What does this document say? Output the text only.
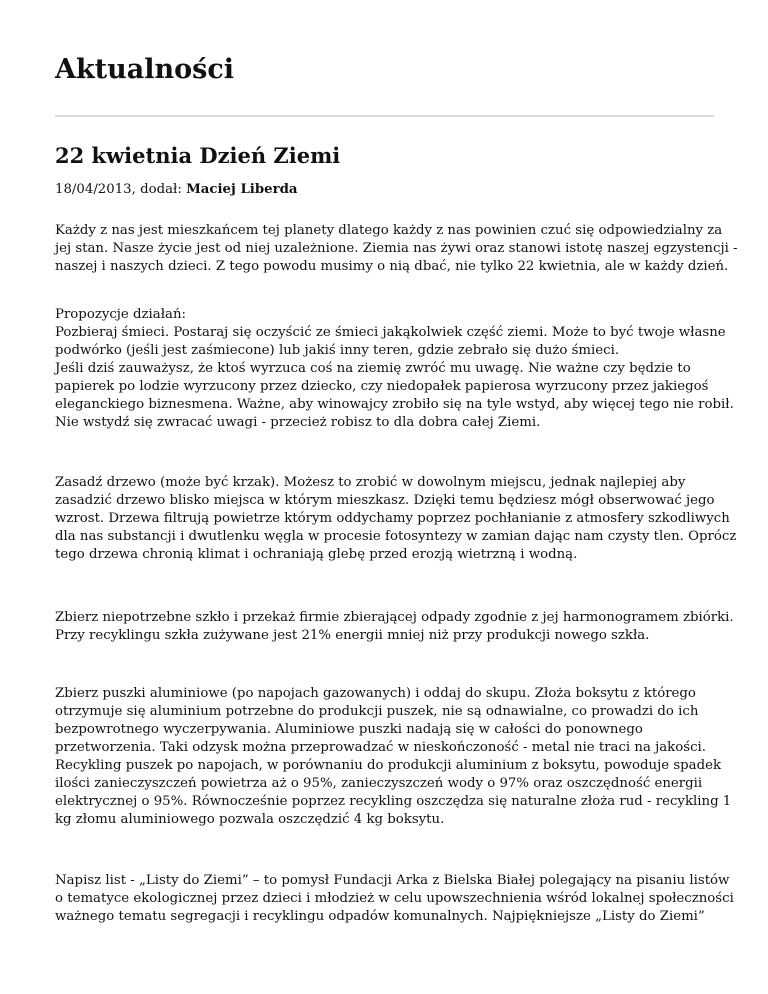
Aktualności
22 kwietnia Dzień Ziemi
18/04/2013, dodał: Maciej Liberda
Każdy z nas jest mieszkańcem tej planety dlatego każdy z nas powinien czuć się odpowiedzialny za
jej stan. Nasze życie jest od niej uzależnione. Ziemia nas żywi oraz stanowi istotę naszej egzystencji -
naszej i naszych dzieci. Z tego powodu musimy o nią dbać, nie tylko 22 kwietnia, ale w każdy dzień.
Propozycje działań:
Pozbieraj śmieci. Postaraj się oczyścić ze śmieci jakąkolwiek część ziemi. Może to być twoje własne
podwórko (jeśli jest zaśmiecone) lub jakiś inny teren, gdzie zebrało się dużo śmieci.
Jeśli dziś zauważysz, że ktoś wyrzuca coś na ziemię zwróć mu uwagę. Nie ważne czy będzie to
papierek po lodzie wyrzucony przez dziecko, czy niedopałek papierosa wyrzucony przez jakiegoś
eleganckiego biznesmena. Ważne, aby winowajcy zrobiło się na tyle wstyd, aby więcej tego nie robił.
Nie wstydź się zwracać uwagi - przecież robisz to dla dobra całej Ziemi.
Zasadź drzewo (może być krzak). Możesz to zrobić w dowolnym miejscu, jednak najlepiej aby
zasadzić drzewo blisko miejsca w którym mieszkasz. Dzięki temu będziesz mógł obserwować jego
wzrost. Drzewa filtrują powietrze którym oddychamy poprzez pochłanianie z atmosfery szkodliwych
dla nas substancji i dwutlenku węgla w procesie fotosyntezy w zamian dając nam czysty tlen. Oprócz
tego drzewa chronią klimat i ochraniają glebę przed erozją wietrzną i wodną.
Zbierz niepotrzebne szkło i przekaż firmie zbierającej odpady zgodnie z jej harmonogramem zbiórki.
Przy recyklingu szkła zużywane jest 21% energii mniej niż przy produkcji nowego szkła.
Zbierz puszki aluminiowe (po napojach gazowanych) i oddaj do skupu. Złoża boksytu z którego
otrzymuje się aluminium potrzebne do produkcji puszek, nie są odnawialne, co prowadzi do ich
bezpowrotnego wyczerpywania. Aluminiowe puszki nadają się w całości do ponownego
przetworzenia. Taki odzysk można przeprowadzać w nieskończoność - metal nie traci na jakości.
Recykling puszek po napojach, w porównaniu do produkcji aluminium z boksytu, powoduje spadek
ilości zanieczyszczeń powietrza aż o 95%, zanieczyszczeń wody o 97% oraz oszczędność energii
elektrycznej o 95%. Równocześnie poprzez recykling oszczędza się naturalne złoża rud - recykling 1
kg złomu aluminiowego pozwala oszczędzić 4 kg boksytu.
Napisz list - „Listy do Ziemi” – to pomysł Fundacji Arka z Bielska Białej polegający na pisaniu listów
o tematyce ekologicznej przez dzieci i młodzież w celu upowszechnienia wśród lokalnej społeczności
ważnego tematu segregacji i recyklingu odpadów komunalnych. Najpiękniejsze „Listy do Ziemi”
